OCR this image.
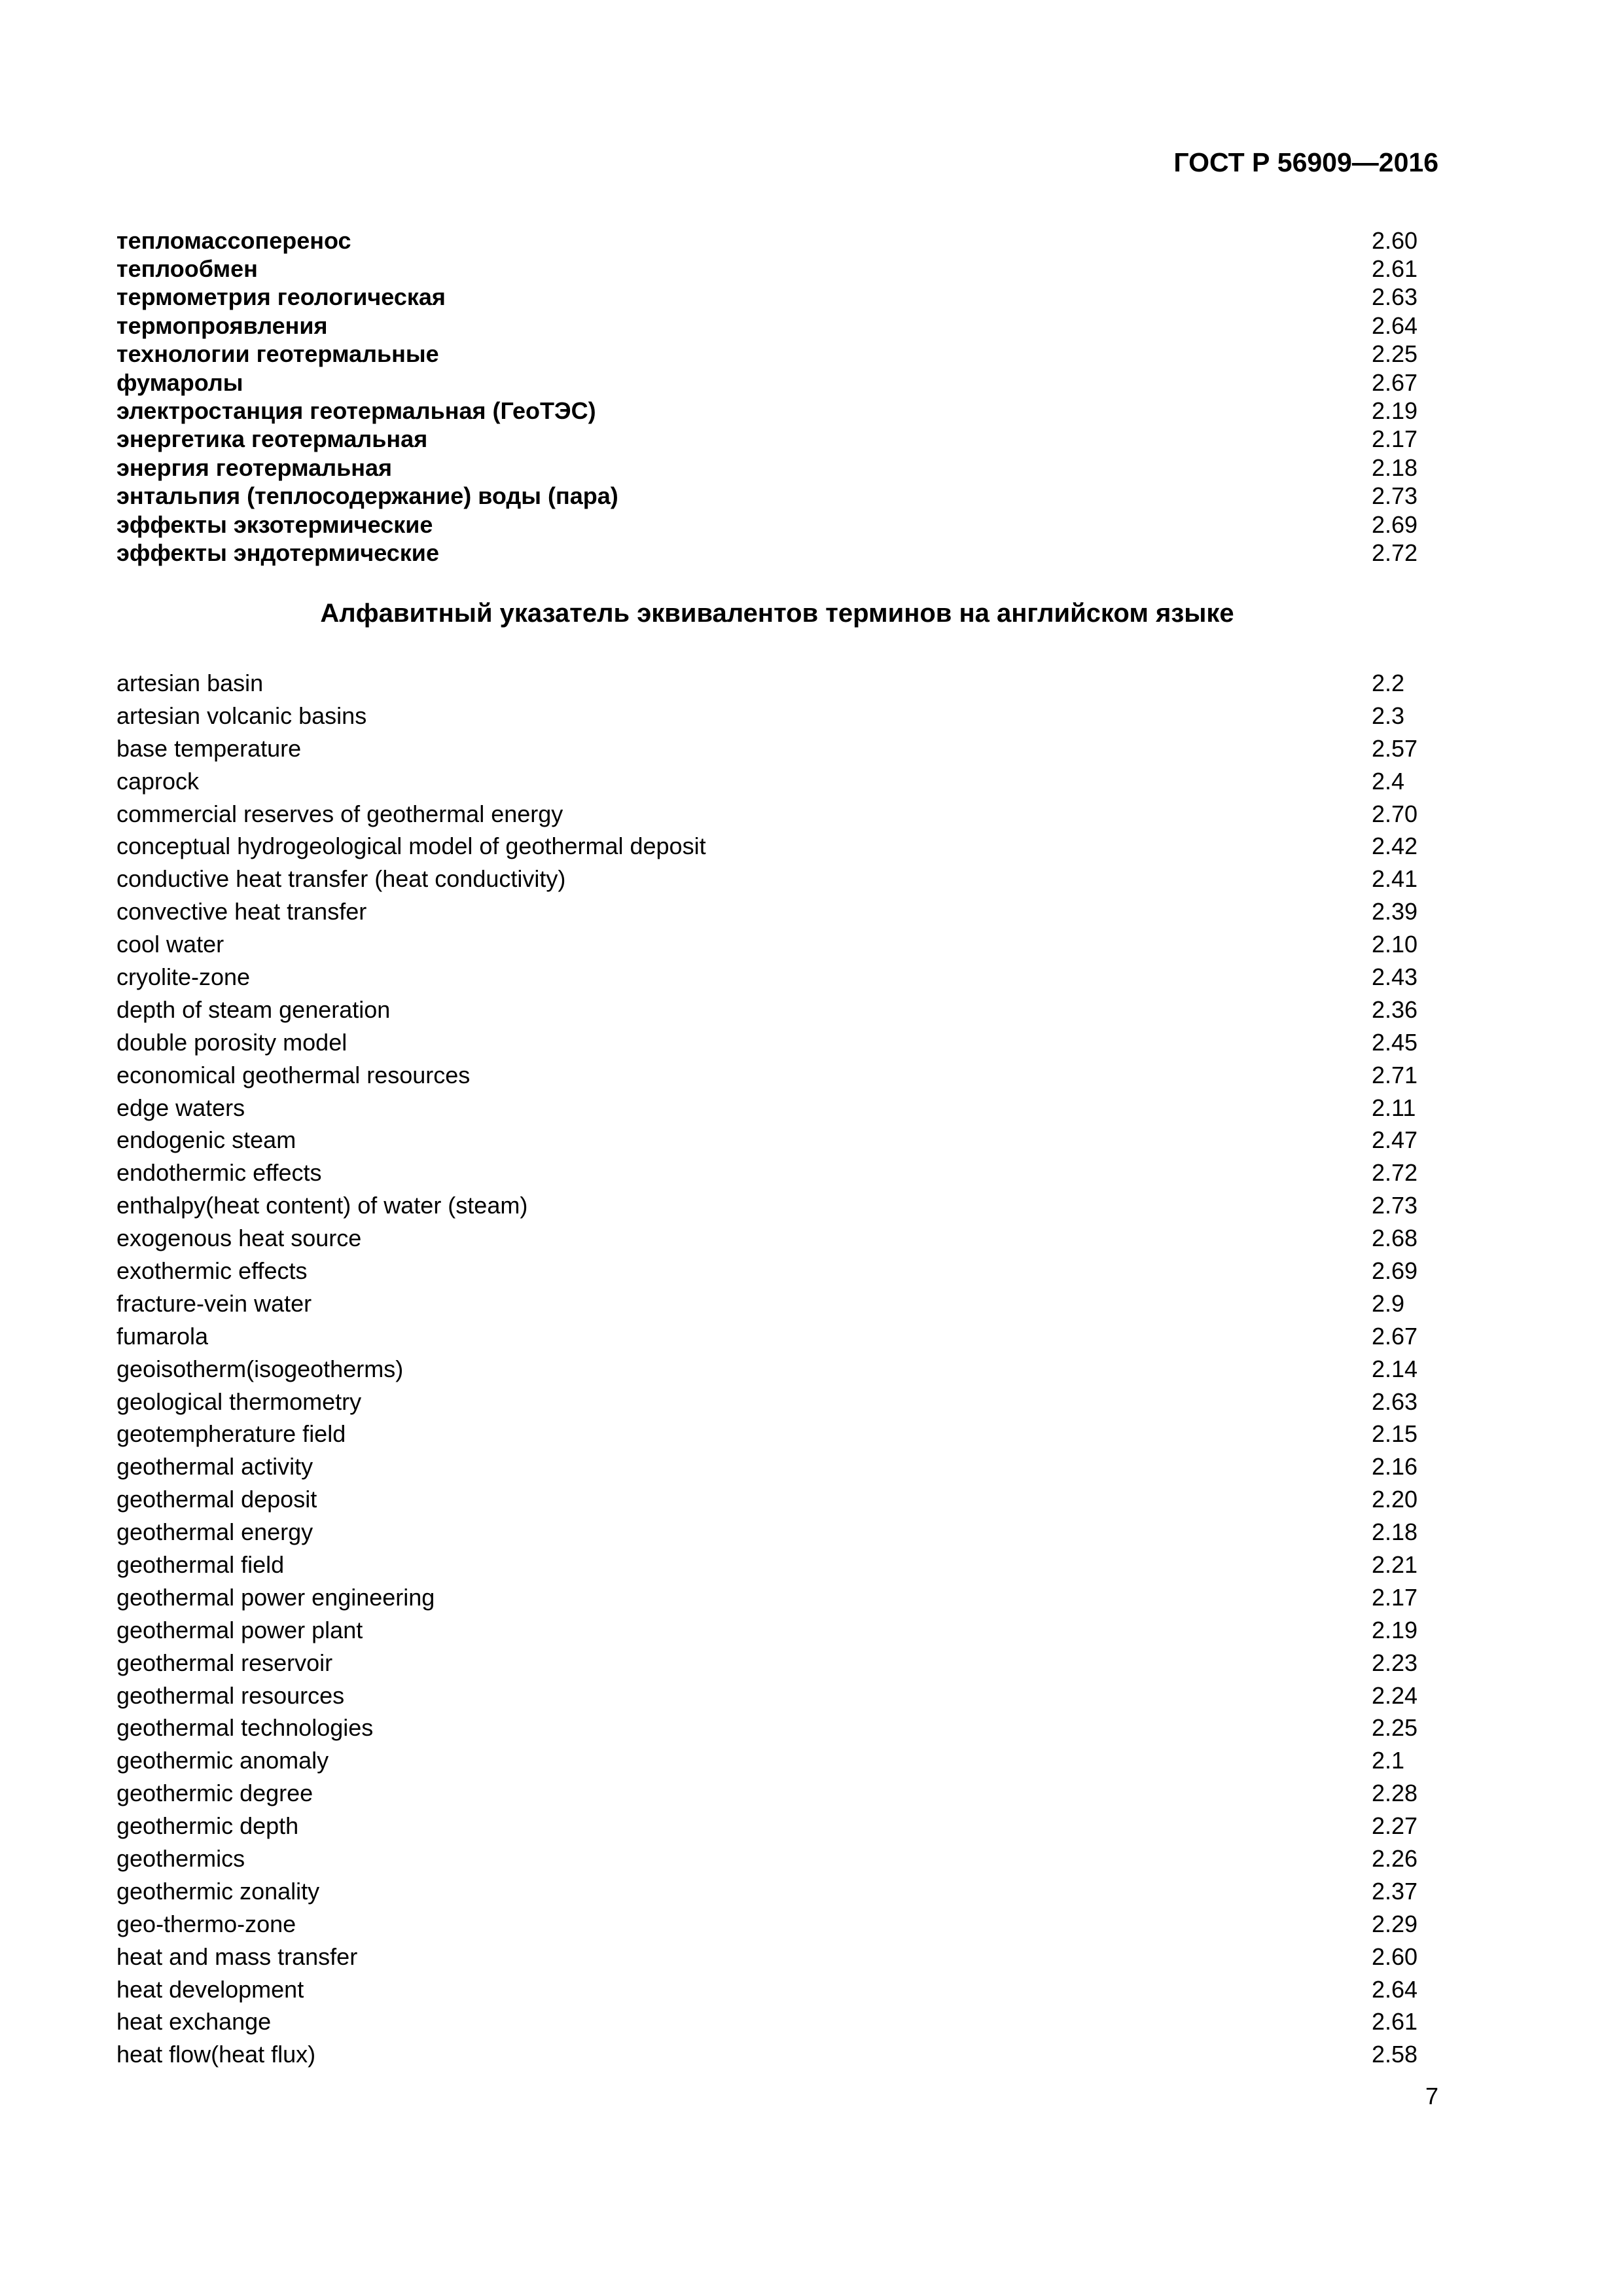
ГОСТ Р 56909—2016
тепломассоперенос	2.60
теплообмен	2.61
термометрия геологическая	2.63
термопроявления	2.64
технологии геотермальные	2.25
фумаролы	2.67
электростанция геотермальная (ГеоТЭС)	2.19
энергетика геотермальная	2.17
энергия геотермальная	2.18
энтальпия (теплосодержание) воды (пара)	2.73
эффекты экзотермические	2.69
эффекты эндотермические	2.72
Алфавитный указатель эквивалентов терминов на английском языке
artesian basin	2.2
artesian volcanic basins	2.3
base temperature	2.57
caprock	2.4
commercial reserves of geothermal energy	2.70
conceptual hydrogeological model of geothermal deposit	2.42
conductive heat transfer (heat conductivity)	2.41
convective heat transfer	2.39
cool water	2.10
cryolite-zone	2.43
depth of steam generation	2.36
double porosity model	2.45
economical geothermal resources	2.71
edge waters	2.11
endogenic steam	2.47
endothermic effects	2.72
enthalpy(heat content) of water (steam)	2.73
exogenous heat source	2.68
exothermic effects	2.69
fracture-vein water	2.9
fumarola	2.67
geoisotherm(isogeotherms)	2.14
geological thermometry	2.63
geotempherature field	2.15
geothermal activity	2.16
geothermal deposit	2.20
geothermal energy	2.18
geothermal field	2.21
geothermal power engineering	2.17
geothermal power plant	2.19
geothermal reservoir	2.23
geothermal resources	2.24
geothermal technologies	2.25
geothermic anomaly	2.1
geothermic degree	2.28
geothermic depth	2.27
geothermics	2.26
geothermic zonality	2.37
geo-thermo-zone	2.29
heat and mass transfer	2.60
heat development	2.64
heat exchange	2.61
heat flow(heat flux)	2.58
7
